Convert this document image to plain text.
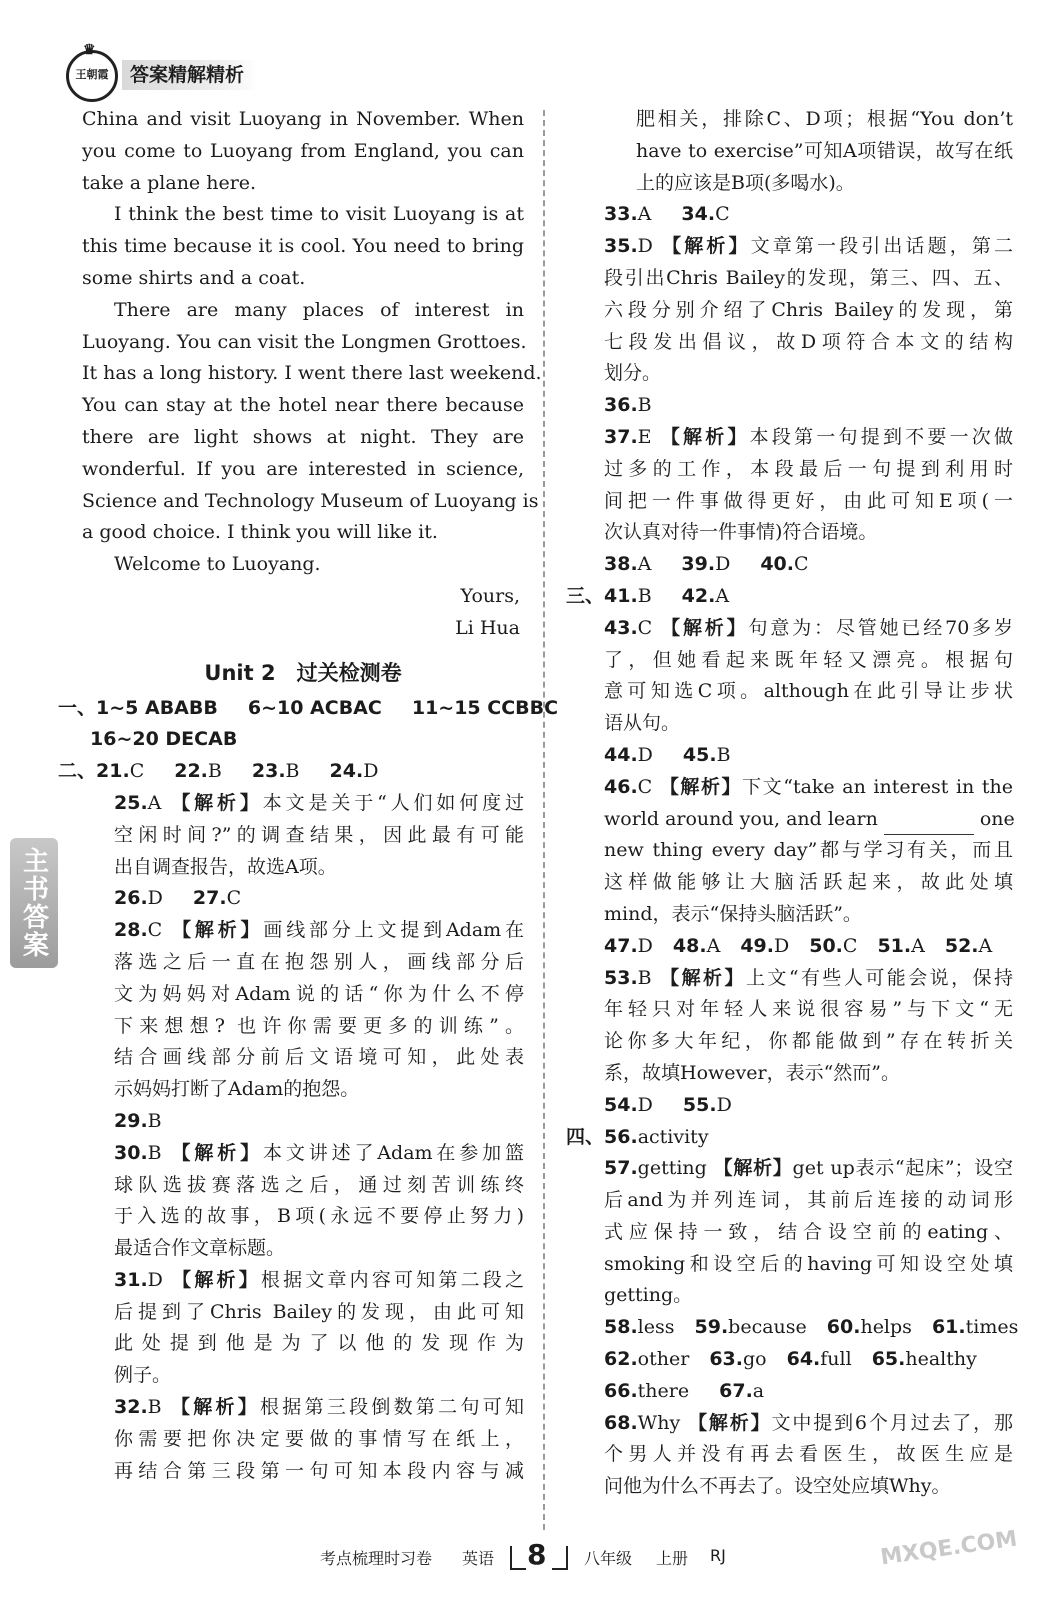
♛
王朝霞	答案精解精析
主书答案
China and visit Luoyang in November. When
you come to Luoyang from England, you can
take a plane here.
I think the best time to visit Luoyang is at
this time because it is cool. You need to bring
some shirts and a coat.
There are many places of interest in
Luoyang. You can visit the Longmen Grottoes.
It has a long history. I went there last weekend.
You can stay at the hotel near there because
there are light shows at night. They are
wonderful. If you are interested in science,
Science and Technology Museum of Luoyang is
a good choice. I think you will like it.
Welcome to Luoyang.
Yours,
Li Hua
Unit 2　过关检测卷
一、1~5 ABABB 6~10 ACBAC 11~15 CCBBC
16~20 DECAB
二、21.C 22.B 23.B 24.D
25.A 【解析】本文是关于“人们如何度过
空闲时间?”的调查结果，因此最有可能
出自调查报告，故选A项。
26.D 27.C
28.C 【解析】画线部分上文提到Adam在
落选之后一直在抱怨别人，画线部分后
文为妈妈对Adam说的话“你为什么不停
下来想想? 也许你需要更多的训练”。
结合画线部分前后文语境可知，此处表
示妈妈打断了Adam的抱怨。
29.B
30.B 【解析】本文讲述了Adam在参加篮
球队选拔赛落选之后，通过刻苦训练终
于入选的故事，B项(永远不要停止努力)
最适合作文章标题。
31.D 【解析】根据文章内容可知第二段之
后提到了Chris Bailey的发现，由此可知
此处提到他是为了以他的发现作为
例子。
32.B 【解析】根据第三段倒数第二句可知
你需要把你决定要做的事情写在纸上，
再结合第三段第一句可知本段内容与减
肥相关，排除C、D项；根据“You don’t
have to exercise”可知A项错误，故写在纸
上的应该是B项(多喝水)。
33.A 34.C
35.D 【解析】文章第一段引出话题，第二
段引出Chris Bailey的发现，第三、四、五、
六段分别介绍了Chris Bailey的发现，第
七段发出倡议，故D项符合本文的结构
划分。
36.B
37.E 【解析】本段第一句提到不要一次做
过多的工作，本段最后一句提到利用时
间把一件事做得更好，由此可知E项(一
次认真对待一件事情)符合语境。
38.A 39.D 40.C
三、41.B 42.A
43.C 【解析】句意为：尽管她已经70多岁
了，但她看起来既年轻又漂亮。根据句
意可知选C项。although在此引导让步状
语从句。
44.D 45.B
46.C 【解析】下文“take an interest in the
world around you, and learn	one
new thing every day”都与学习有关，而且
这样做能够让大脑活跃起来，故此处填
mind，表示“保持头脑活跃”。
47.D 48.A 49.D 50.C 51.A 52.A
53.B 【解析】上文“有些人可能会说，保持
年轻只对年轻人来说很容易”与下文“无
论你多大年纪，你都能做到”存在转折关
系，故填However，表示“然而”。
54.D 55.D
四、56.activity
57.getting 【解析】get up表示“起床”；设空
后and为并列连词，其前后连接的动词形
式应保持一致，结合设空前的eating、
smoking和设空后的having可知设空处填
getting。
58.less 59.because 60.helps 61.times
62.other 63.go 64.full 65.healthy
66.there 67.a
68.Why 【解析】文中提到6个月过去了，那
个男人并没有再去看医生，故医生应是
问他为什么不再去了。设空处应填Why。
考点梳理时习卷 英语 8 八年级 上册 RJ	MXQE.COM
